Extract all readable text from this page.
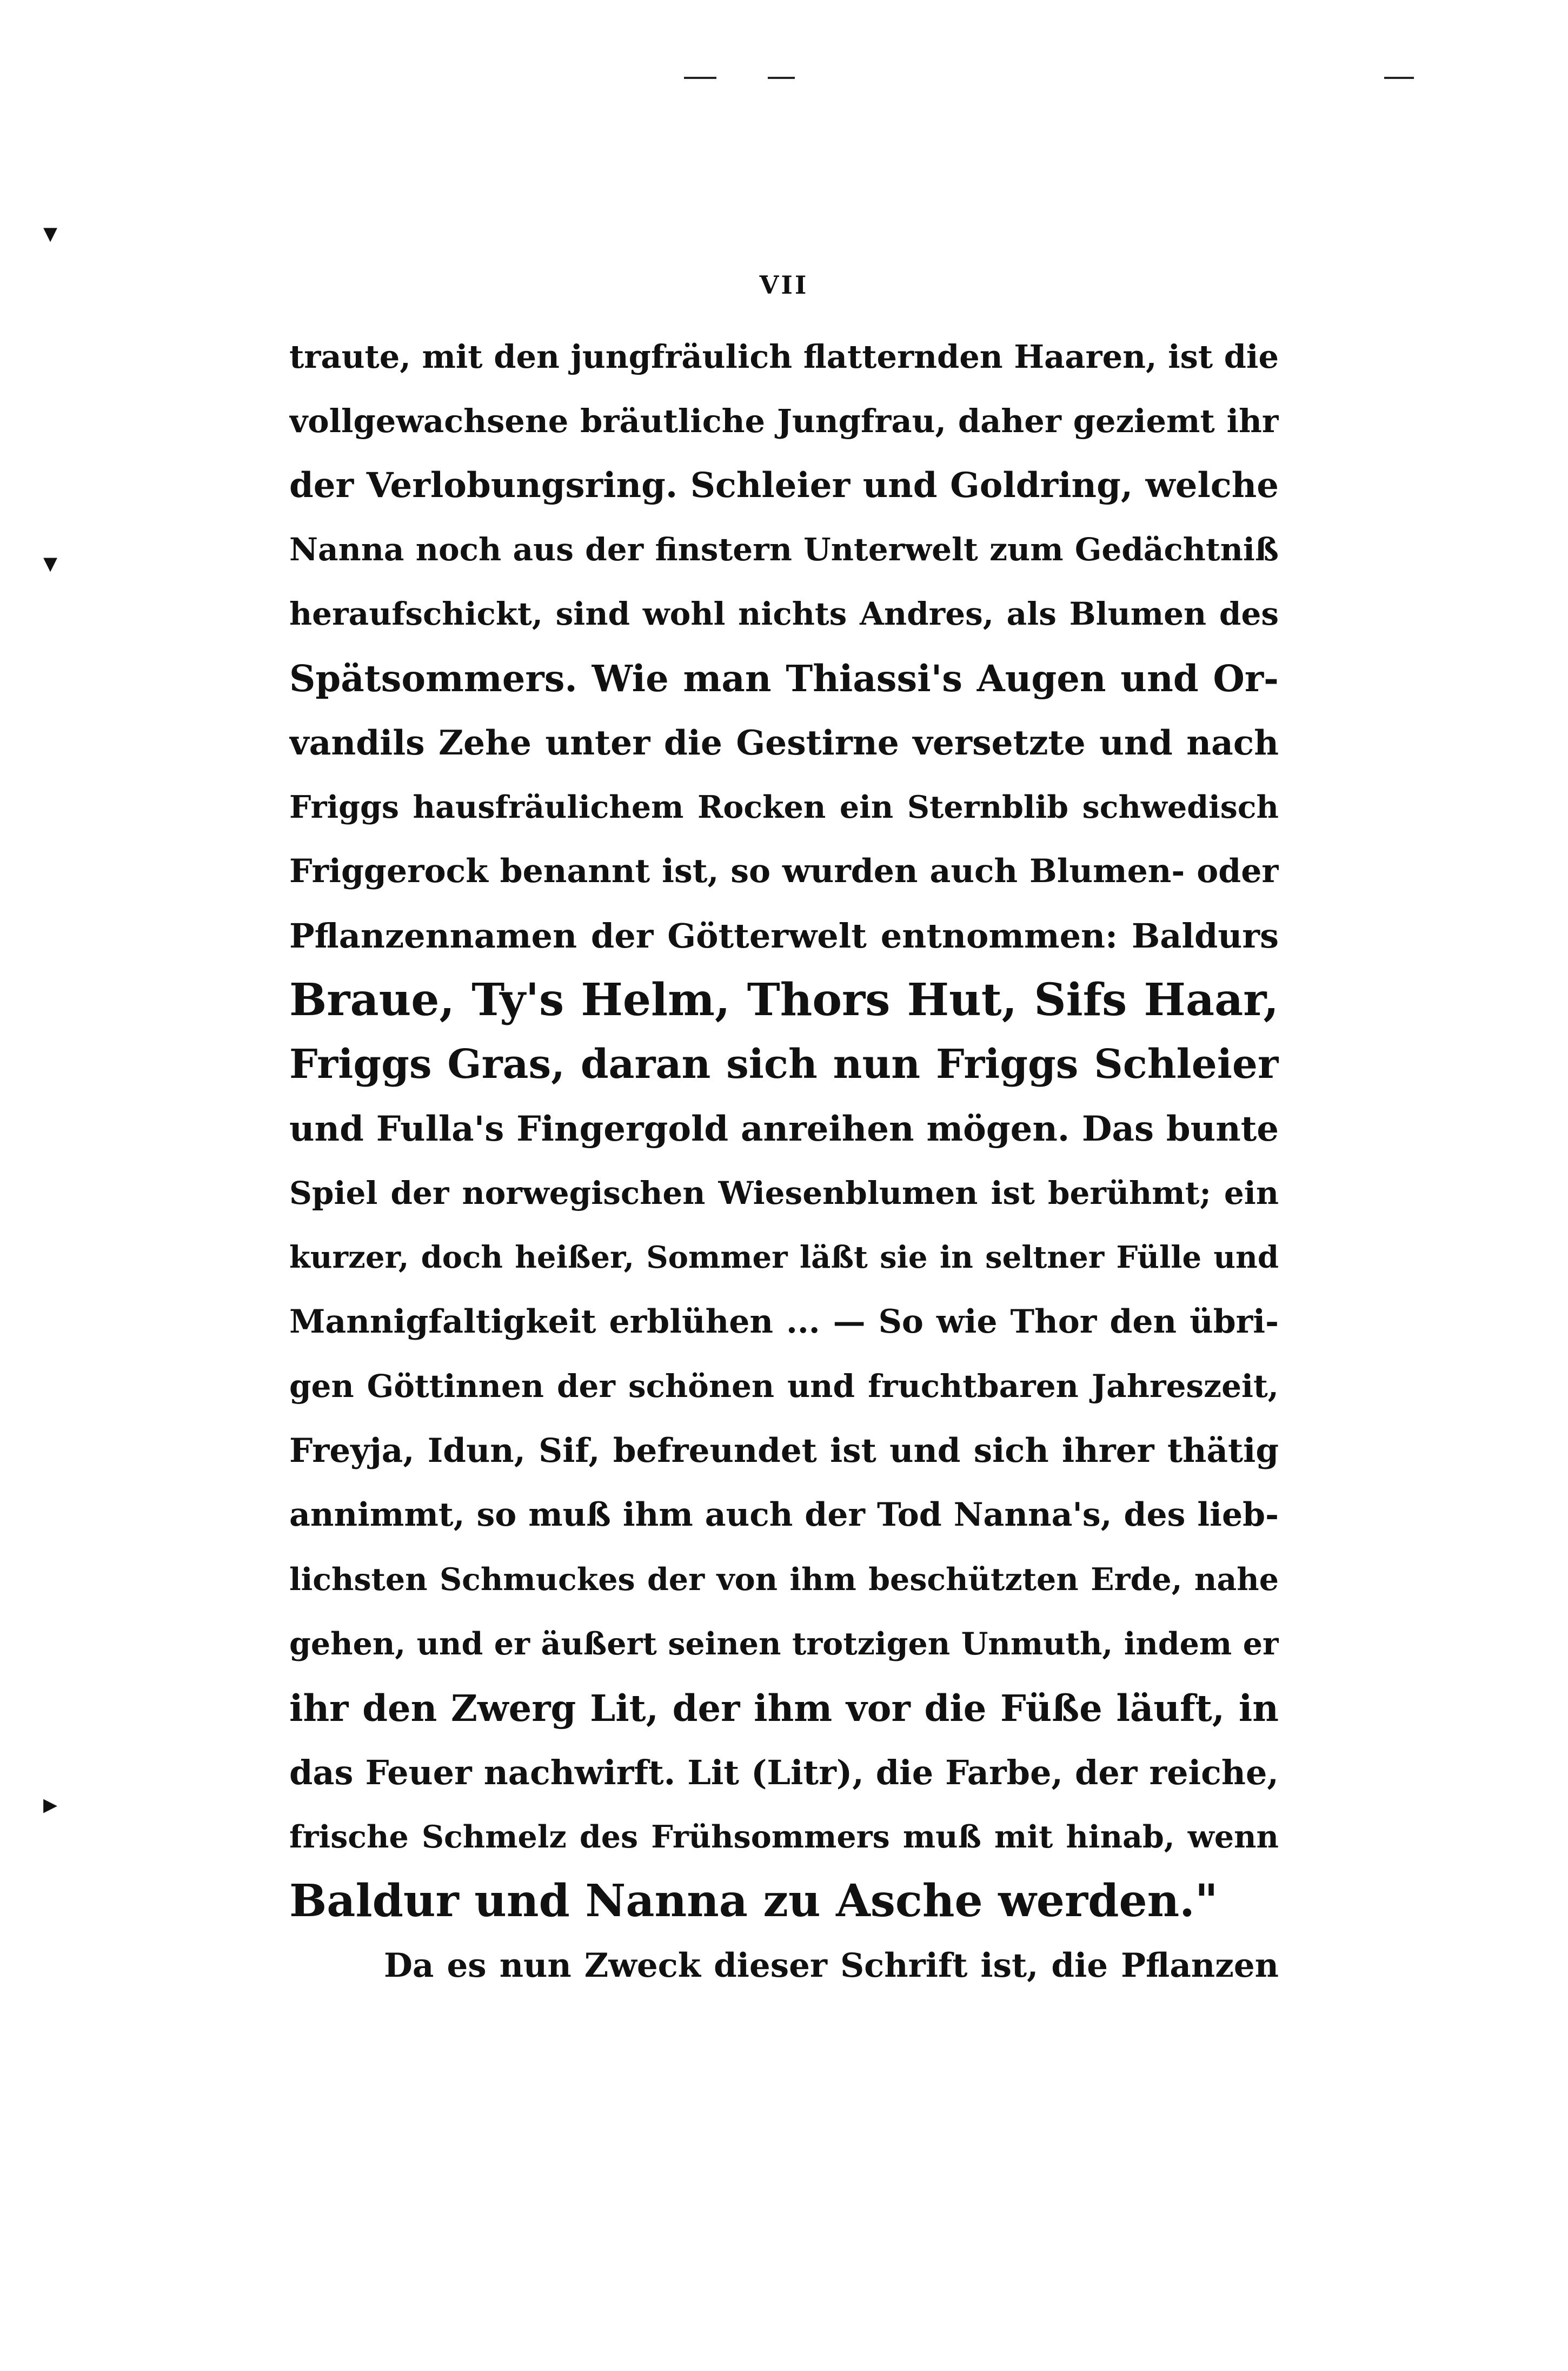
▾
▾
▸
VII
traute, mit den jungfräulich flatternden Haaren, ist die
vollgewachsene bräutliche Jungfrau, daher geziemt ihr
der Verlobungsring. Schleier und Goldring, welche
Nanna noch aus der finstern Unterwelt zum Gedächtniß
heraufschickt, sind wohl nichts Andres, als Blumen des
Spätsommers. Wie man Thiassi's Augen und Or-
vandils Zehe unter die Gestirne versetzte und nach
Friggs hausfräulichem Rocken ein Sternblib schwedisch
Friggerock benannt ist, so wurden auch Blumen- oder
Pflanzennamen der Götterwelt entnommen: Baldurs
Braue, Ty's Helm, Thors Hut, Sifs Haar,
Friggs Gras, daran sich nun Friggs Schleier
und Fulla's Fingergold anreihen mögen. Das bunte
Spiel der norwegischen Wiesenblumen ist berühmt; ein
kurzer, doch heißer, Sommer läßt sie in seltner Fülle und
Mannigfaltigkeit erblühen ... — So wie Thor den übri-
gen Göttinnen der schönen und fruchtbaren Jahreszeit,
Freyja, Idun, Sif, befreundet ist und sich ihrer thätig
annimmt, so muß ihm auch der Tod Nanna's, des lieb-
lichsten Schmuckes der von ihm beschützten Erde, nahe
gehen, und er äußert seinen trotzigen Unmuth, indem er
ihr den Zwerg Lit, der ihm vor die Füße läuft, in
das Feuer nachwirft. Lit (Litr), die Farbe, der reiche,
frische Schmelz des Frühsommers muß mit hinab, wenn
Baldur und Nanna zu Asche werden."
Da es nun Zweck dieser Schrift ist, die Pflanzen
